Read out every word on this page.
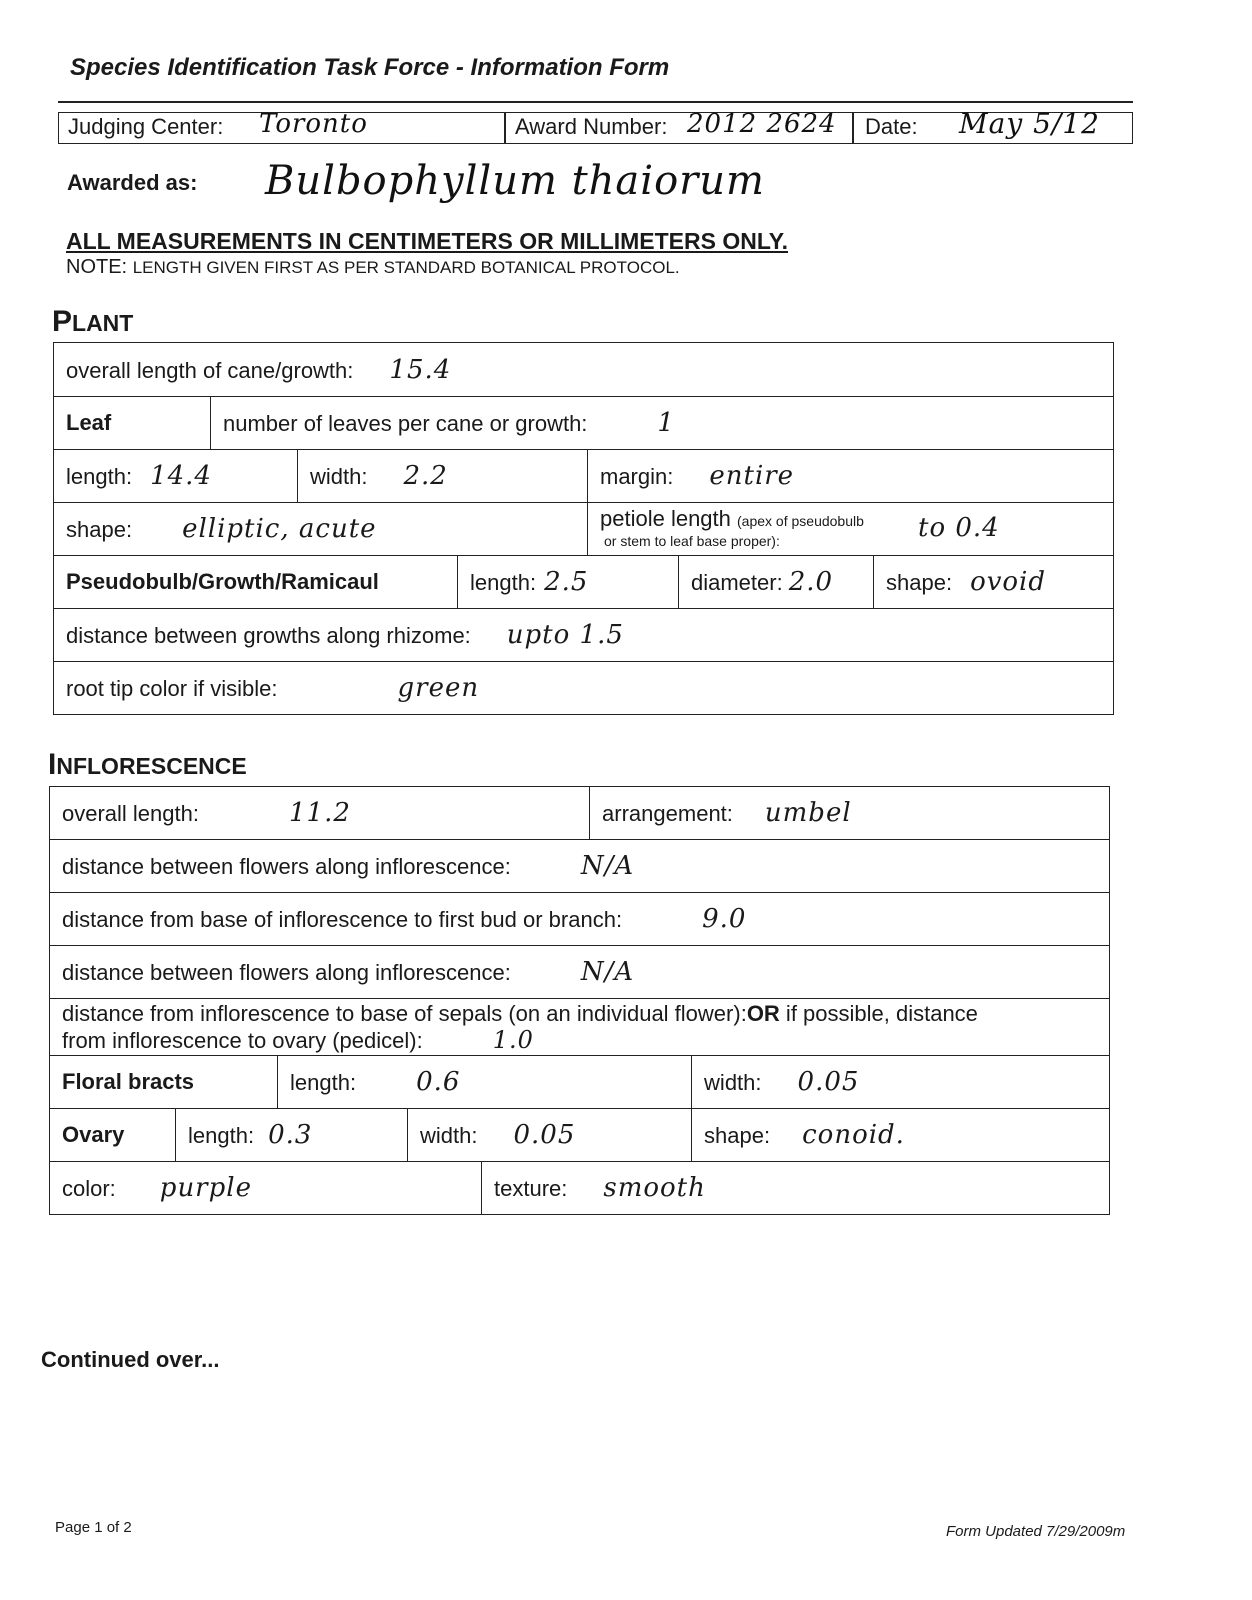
Species Identification Task Force - Information Form
Judging Center: Toronto	Award Number: 2012 2624 Date: May 5/12
Awarded as: Bulbophyllum thaiorum
ALL MEASUREMENTS IN CENTIMETERS OR MILLIMETERS ONLY.
NOTE: LENGTH GIVEN FIRST AS PER STANDARD BOTANICAL PROTOCOL.
PLANT
overall length of cane/growth: 15.4						
Leaf	number of leaves per cane or growth: 1					
length: 14.4		width: 2.2		margin: entire		
shape: elliptic, acute				petiole length (apex of pseudobulb
or stem to leaf base proper): to 0.4		

Pseudobulb/Growth/Ramicaul			length: 2.5		diameter: 2.0	shape: ovoid
distance between growths along rhizome: upto 1.5						
root tip color if visible: green						
INFLORESCENCE
overall length: 11.2					arrangement: umbel	
distance between flowers along inflorescence: N/A						
distance from base of inflorescence to first bud or branch: 9.0						
distance between flowers along inflorescence: N/A						

distance from inflorescence to base of sepals (on an individual flower):OR if possible, distance
from inflorescence to ovary (pedicel): 1.0						

Floral bracts		length: 0.6				width: 0.05
Ovary	length: 0.3		width: 0.05			shape: conoid.
color: purple				texture: smooth		
Continued over...
Page 1 of 2	Form Updated 7/29/2009m
